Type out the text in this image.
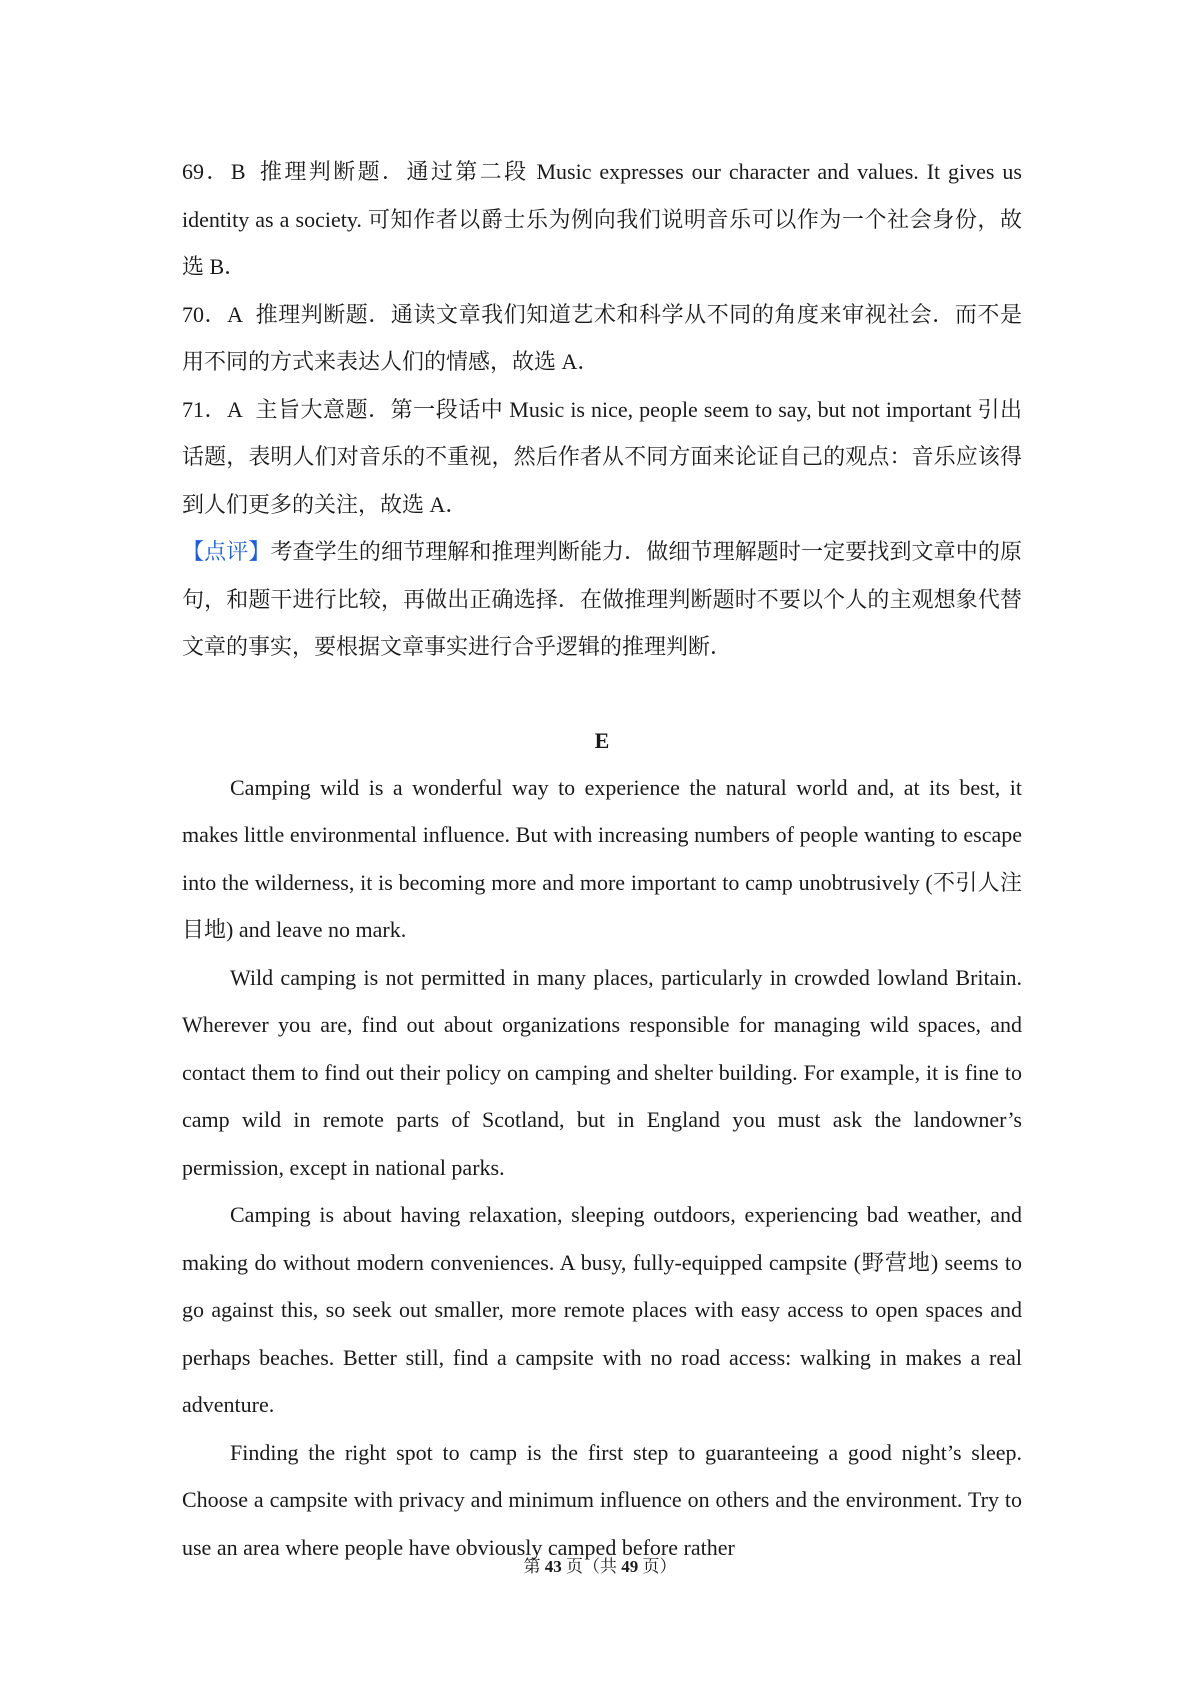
69．B 推理判断题．通过第二段 Music expresses our character and values. It gives us identity as a society. 可知作者以爵士乐为例向我们说明音乐可以作为一个社会身份，故选 B．

70．A 推理判断题．通读文章我们知道艺术和科学从不同的角度来审视社会．而不是用不同的方式来表达人们的情感，故选 A．

71．A 主旨大意题．第一段话中 Music is nice, people seem to say, but not important 引出话题，表明人们对音乐的不重视，然后作者从不同方面来论证自己的观点：音乐应该得到人们更多的关注，故选 A．

【点评】考查学生的细节理解和推理判断能力．做细节理解题时一定要找到文章中的原句，和题干进行比较，再做出正确选择．在做推理判断题时不要以个人的主观想象代替文章的事实，要根据文章事实进行合乎逻辑的推理判断．

E

Camping wild is a wonderful way to experience the natural world and, at its best, it makes little environmental influence. But with increasing numbers of people wanting to escape into the wilderness, it is becoming more and more important to camp unobtrusively (不引人注目地) and leave no mark.

Wild camping is not permitted in many places, particularly in crowded lowland Britain. Wherever you are, find out about organizations responsible for managing wild spaces, and contact them to find out their policy on camping and shelter building. For example, it is fine to camp wild in remote parts of Scotland, but in England you must ask the landowner’s permission, except in national parks.

Camping is about having relaxation, sleeping outdoors, experiencing bad weather, and making do without modern conveniences. A busy, fully-equipped campsite (野营地) seems to go against this, so seek out smaller, more remote places with easy access to open spaces and perhaps beaches. Better still, find a campsite with no road access: walking in makes a real adventure.

Finding the right spot to camp is the first step to guaranteeing a good night’s sleep. Choose a campsite with privacy and minimum influence on others and the environment. Try to use an area where people have obviously camped before rather

第 43 页（共 49 页）
